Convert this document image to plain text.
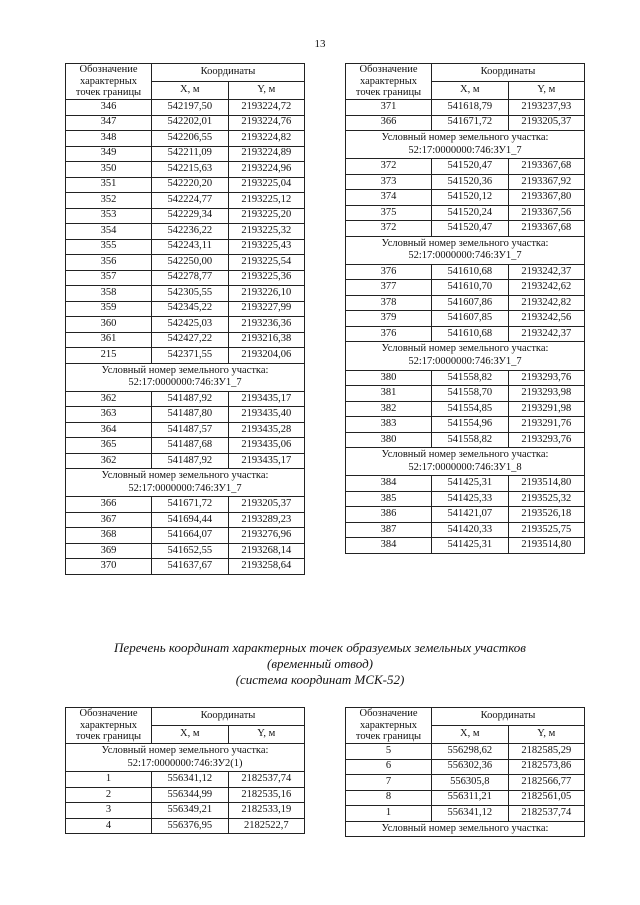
13
Обозначение характерных точек границы	Координаты	
	X, м	Y, м
346	542197,50	2193224,72
347	542202,01	2193224,76
348	542206,55	2193224,82
349	542211,09	2193224,89
350	542215,63	2193224,96
351	542220,20	2193225,04
352	542224,77	2193225,12
353	542229,34	2193225,20
354	542236,22	2193225,32
355	542243,11	2193225,43
356	542250,00	2193225,54
357	542278,77	2193225,36
358	542305,55	2193226,10
359	542345,22	2193227,99
360	542425,03	2193236,36
361	542427,22	2193216,38
215	542371,55	2193204,06
Условный номер земельного участка: 52:17:0000000:746:ЗУ1_7		
362	541487,92	2193435,17
363	541487,80	2193435,40
364	541487,57	2193435,28
365	541487,68	2193435,06
362	541487,92	2193435,17
Условный номер земельного участка: 52:17:0000000:746:ЗУ1_7		
366	541671,72	2193205,37
367	541694,44	2193289,23
368	541664,07	2193276,96
369	541652,55	2193268,14
370	541637,67	2193258,64
Обозначение характерных точек границы	Координаты	
	X, м	Y, м
371	541618,79	2193237,93
366	541671,72	2193205,37
Условный номер земельного участка: 52:17:0000000:746:ЗУ1_7		
372	541520,47	2193367,68
373	541520,36	2193367,92
374	541520,12	2193367,80
375	541520,24	2193367,56
372	541520,47	2193367,68
Условный номер земельного участка: 52:17:0000000:746:ЗУ1_7		
376	541610,68	2193242,37
377	541610,70	2193242,62
378	541607,86	2193242,82
379	541607,85	2193242,56
376	541610,68	2193242,37
Условный номер земельного участка: 52:17:0000000:746:ЗУ1_7		
380	541558,82	2193293,76
381	541558,70	2193293,98
382	541554,85	2193291,98
383	541554,96	2193291,76
380	541558,82	2193293,76
Условный номер земельного участка: 52:17:0000000:746:ЗУ1_8		
384	541425,31	2193514,80
385	541425,33	2193525,32
386	541421,07	2193526,18
387	541420,33	2193525,75
384	541425,31	2193514,80
Перечень координат характерных точек образуемых земельных участков
(временный отвод)
(система координат МСК-52)
Обозначение характерных точек границы	Координаты	
	X, м	Y, м
Условный номер земельного участка: 52:17:0000000:746:ЗУ2(1)		
1	556341,12	2182537,74
2	556344,99	2182535,16
3	556349,21	2182533,19
4	556376,95	2182522,7
Обозначение характерных точек границы	Координаты	
	X, м	Y, м
5	556298,62	2182585,29
6	556302,36	2182573,86
7	556305,8	2182566,77
8	556311,21	2182561,05
1	556341,12	2182537,74
Условный номер земельного участка:		
